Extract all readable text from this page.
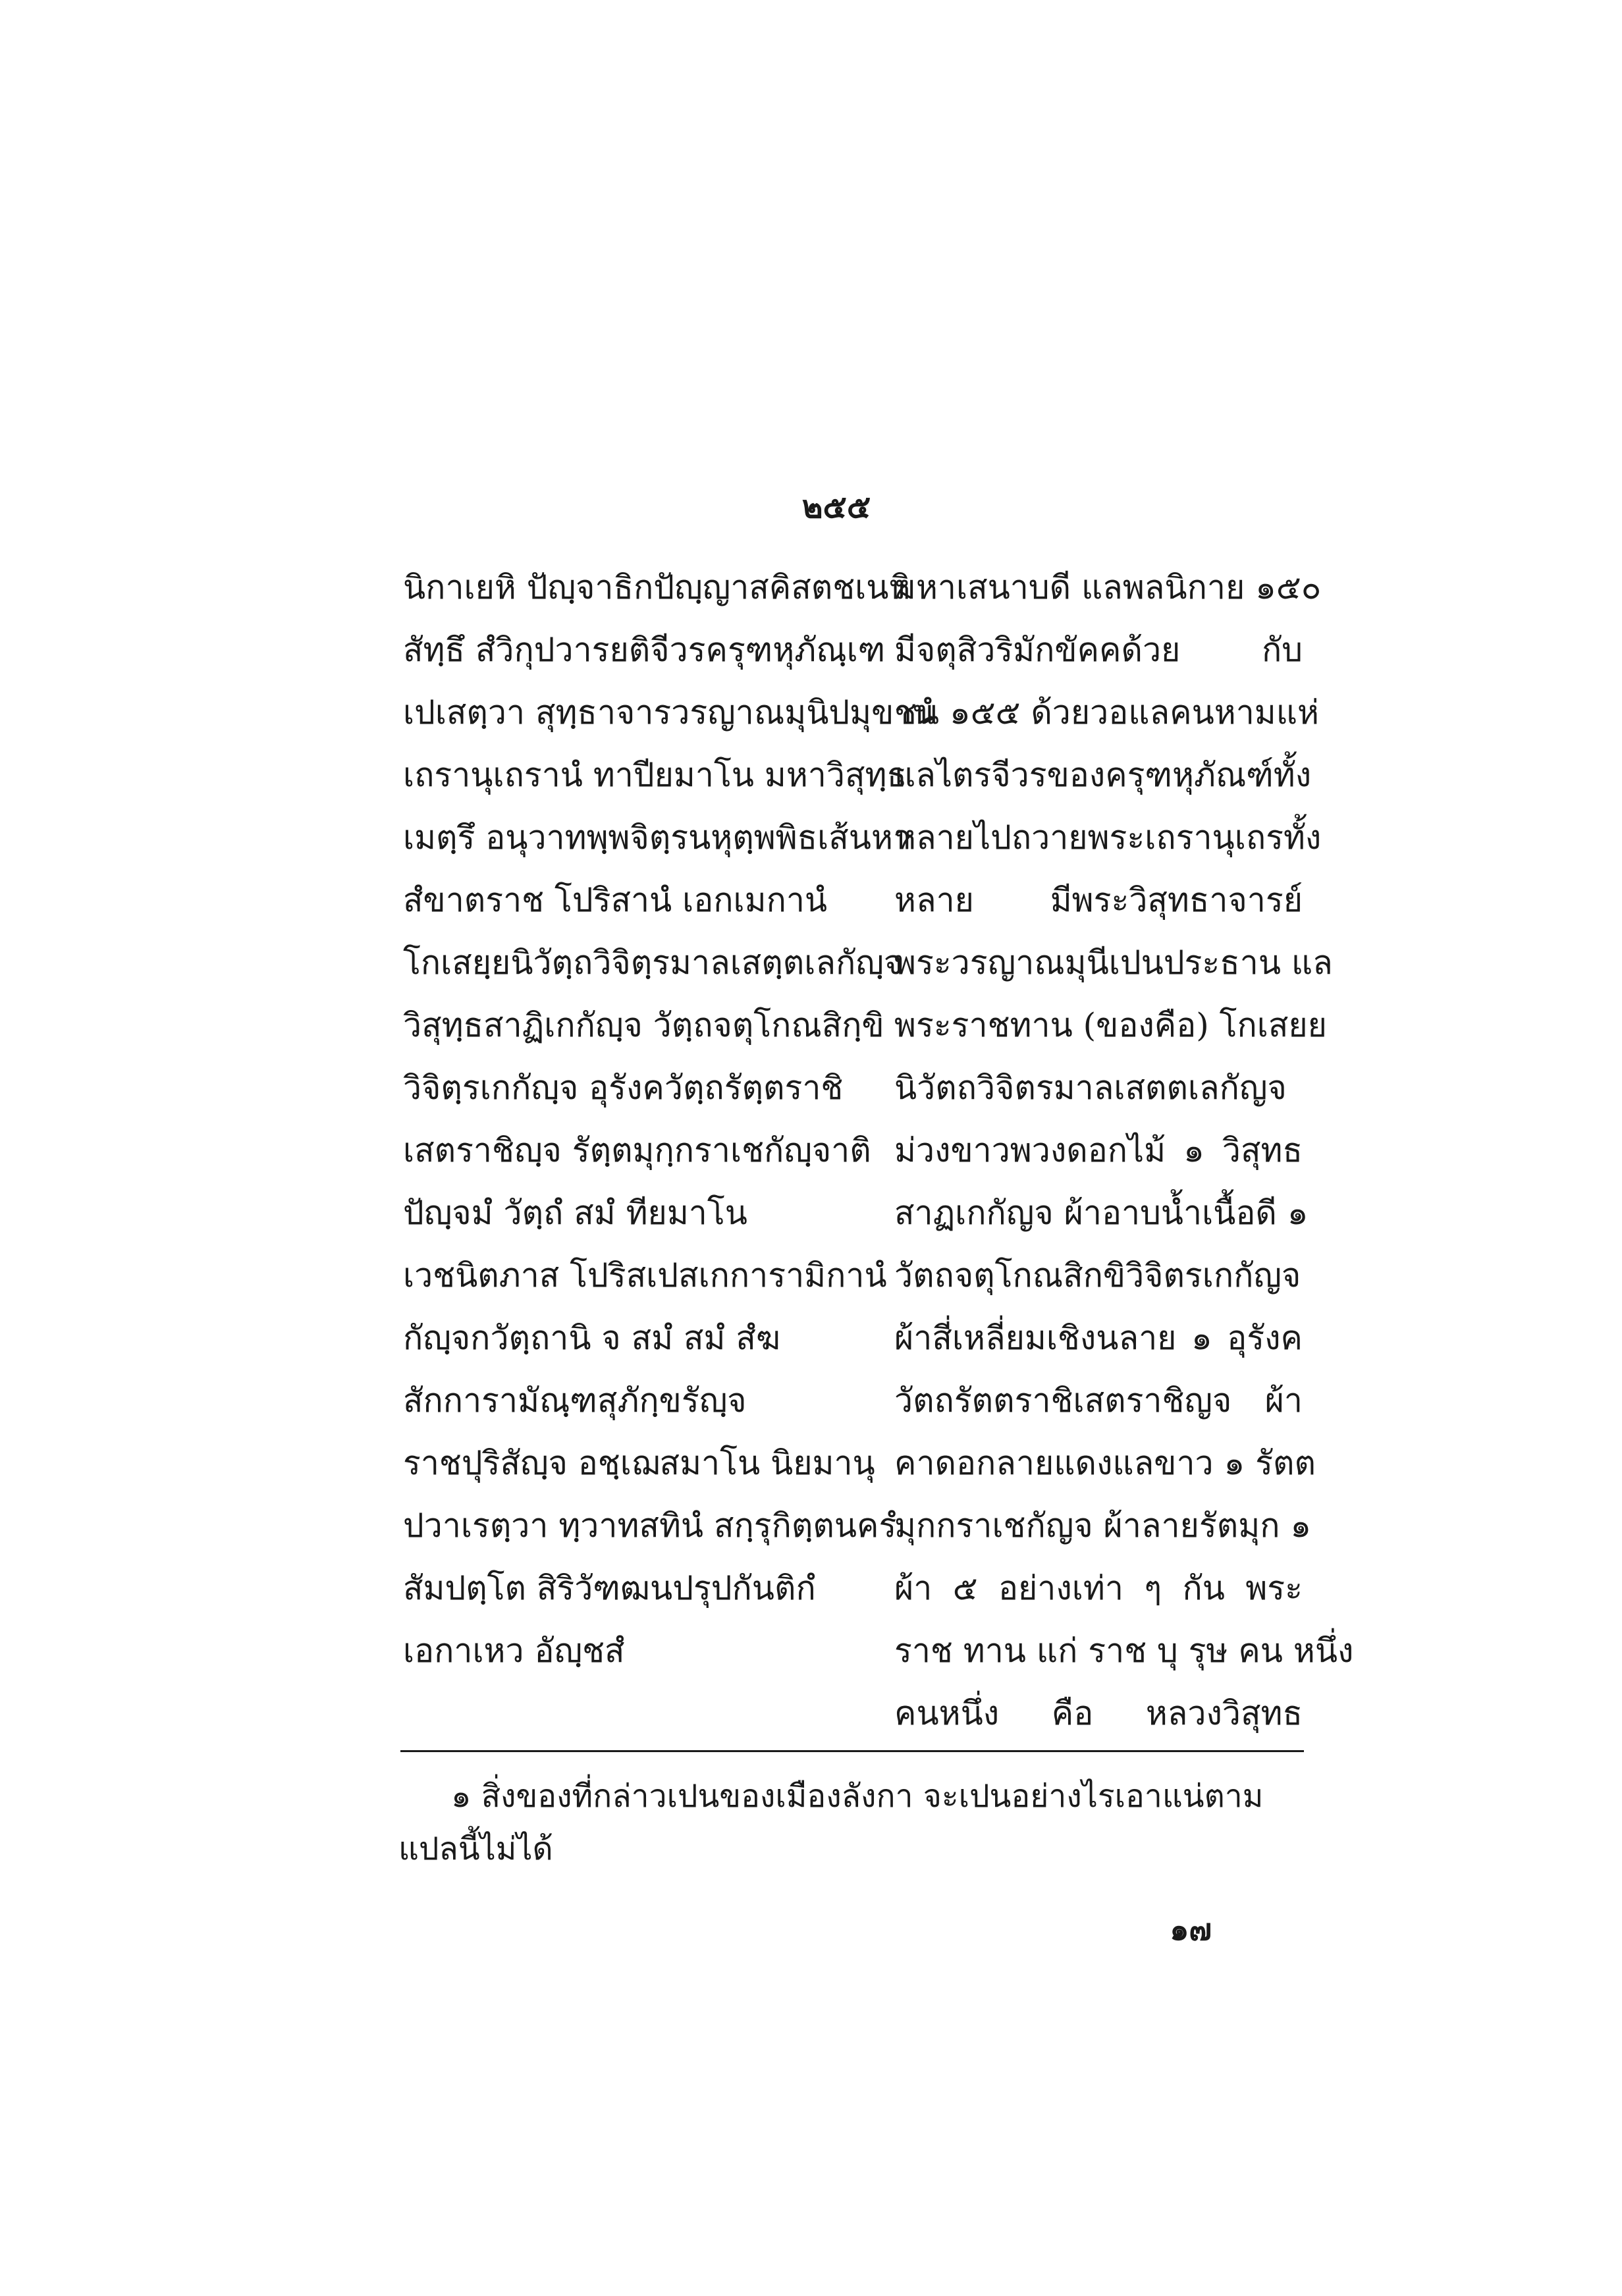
๒๕๕
นิกาเยหิ ปัญฺจาธิกปัญฺญาสคิสตชเนหิ
สัทฺธึ สํวิกุปวารยติจีวรครุฑหุภัณฺเฑ
เปเสตฺวา สุทฺธาจารวรญาณมุนิปมุขานํ
เถรานุเถรานํ ทาปียมาโน มหาวิสุทฺธ
เมตฺรึ อนุวาทพฺพจิตฺรนหุตฺพพิธเส้นหา
สํขาตราช โปริสานํ เอกเมกานํ
โกเสยฺยนิวัตฺถวิจิตฺรมาลเสตฺตเลกัญฺจ
วิสุทฺธสาฏิเกกัญฺจ วัตฺถจตุโกณสิกฺขิ
วิจิตฺรเกกัญฺจ อุรังควัตฺถรัตฺตราชิ
เสตราชิญฺจ รัตฺตมุกฺกราเชกัญฺจาติ
ปัญฺจมํ วัตฺถํ สมํ ทียมาโน
เวชนิตภาส โปริสเปสเกการามิกานํ
กัญฺจกวัตฺถานิ จ สมํ สมํ สํฆ
สักการามัณฺฑสุภักฺขรัญฺจ
ราชปุริสัญฺจ อชฺเฌสมาโน นิยมานุ
ปวาเรตฺวา ทฺวาทสทินํ สกฺรุกิตฺตนครํ
สัมปตฺโต สิริวัฑฒนปรุปกันติกํ
เอกาเหว อัญฺชสํ
มหาเสนาบดี แลพลนิกาย ๑๕๐
มีจตุสิวริมักขัคคด้วย กับ
ชน ๑๕๕ ด้วยวอแลคนหามแห่
แลไตรจีวรของครุฑหุภัณฑ์ทั้ง
หลายไปถวายพระเถรานุเถรทั้ง
หลาย มีพระวิสุทธาจารย์
พระวรญาณมุนีเปนประธาน แล
พระราชทาน (ของคือ) โกเสยย
นิวัตถวิจิตรมาลเสตตเลกัญจ
ม่วงขาวพวงดอกไม้ ๑ วิสุทธ
สาฏเกกัญจ ผ้าอาบน้ำเนื้อดี ๑
วัตถจตุโกณสิกขิวิจิตรเกกัญจ
ผ้าสี่เหลี่ยมเชิงนลาย ๑ อุรังค
วัตถรัตตราชิเสตราชิญจ ผ้า
คาดอกลายแดงแลขาว ๑ รัตต
มุกกราเชกัญจ ผ้าลายรัตมุก ๑
ผ้า ๕ อย่างเท่า ๆ กัน พระ
ราช ทาน แก่ ราช บุ รุษ คน หนึ่ง
คนหนึ่ง คือ หลวงวิสุทธ
๑ สิ่งของที่กล่าวเปนของเมืองลังกา จะเปนอย่างไรเอาแน่ตาม
แปลนี้ไม่ได้
๑๗
